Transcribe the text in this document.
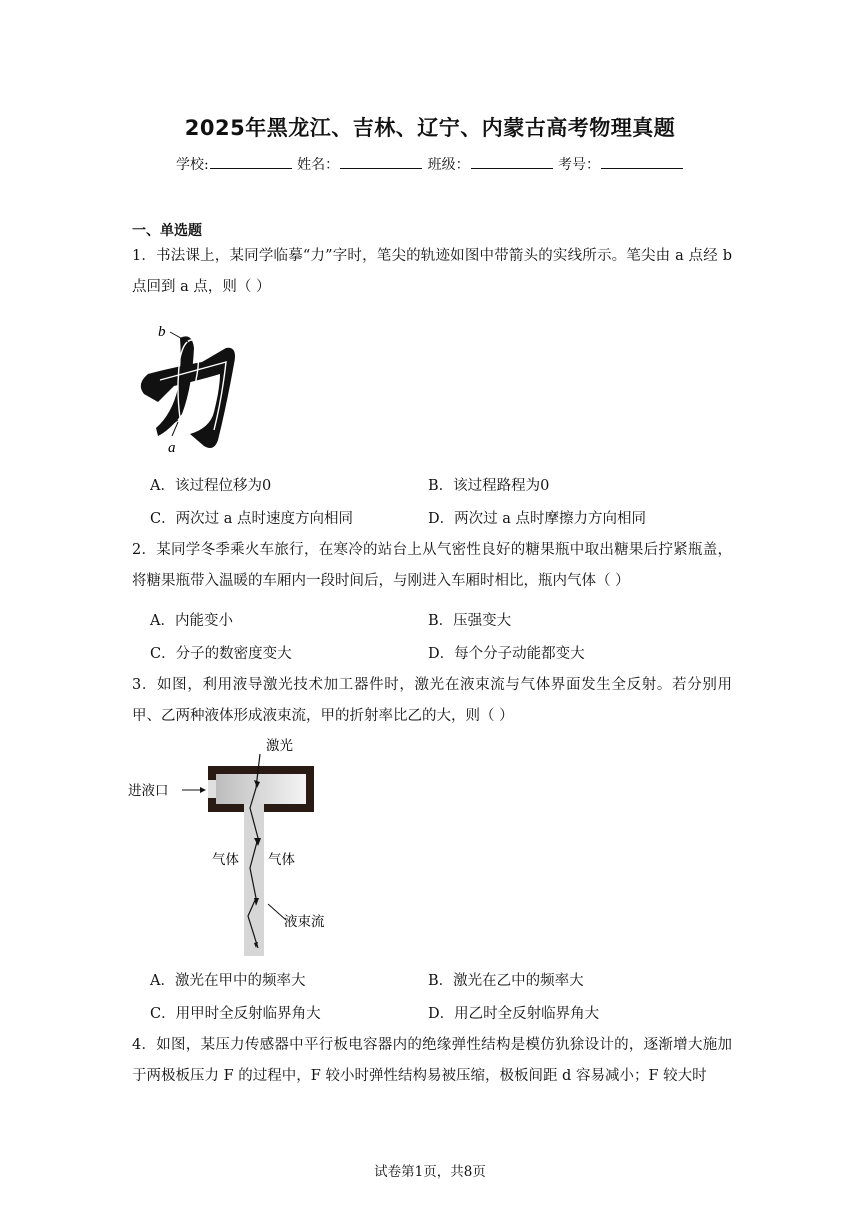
2025年黑龙江、吉林、辽宁、内蒙古高考物理真题
学校:	姓名：	班级：	考号：
一、单选题
1．书法课上，某同学临摹“力”字时，笔尖的轨迹如图中带箭头的实线所示。笔尖由 a 点经 b 点回到 a 点，则（ ）
b
a
A．该过程位移为0	B．该过程路程为0
C．两次过 a 点时速度方向相同	D．两次过 a 点时摩擦力方向相同
2．某同学冬季乘火车旅行，在寒冷的站台上从气密性良好的糖果瓶中取出糖果后拧紧瓶盖，将糖果瓶带入温暖的车厢内一段时间后，与刚进入车厢时相比，瓶内气体（ ）
A．内能变小	B．压强变大
C．分子的数密度变大	D．每个分子动能都变大
3．如图，利用液导激光技术加工器件时，激光在液束流与气体界面发生全反射。若分别用甲、乙两种液体形成液束流，甲的折射率比乙的大，则（ ）
激光
进液口
气体 气体
液束流
A．激光在甲中的频率大	B．激光在乙中的频率大
C．用甲时全反射临界角大	D．用乙时全反射临界角大
4．如图，某压力传感器中平行板电容器内的绝缘弹性结构是模仿犰狳设计的，逐渐增大施加于两极板压力 F 的过程中，F 较小时弹性结构易被压缩，极板间距 d 容易减小；F 较大时
试卷第1页，共8页
